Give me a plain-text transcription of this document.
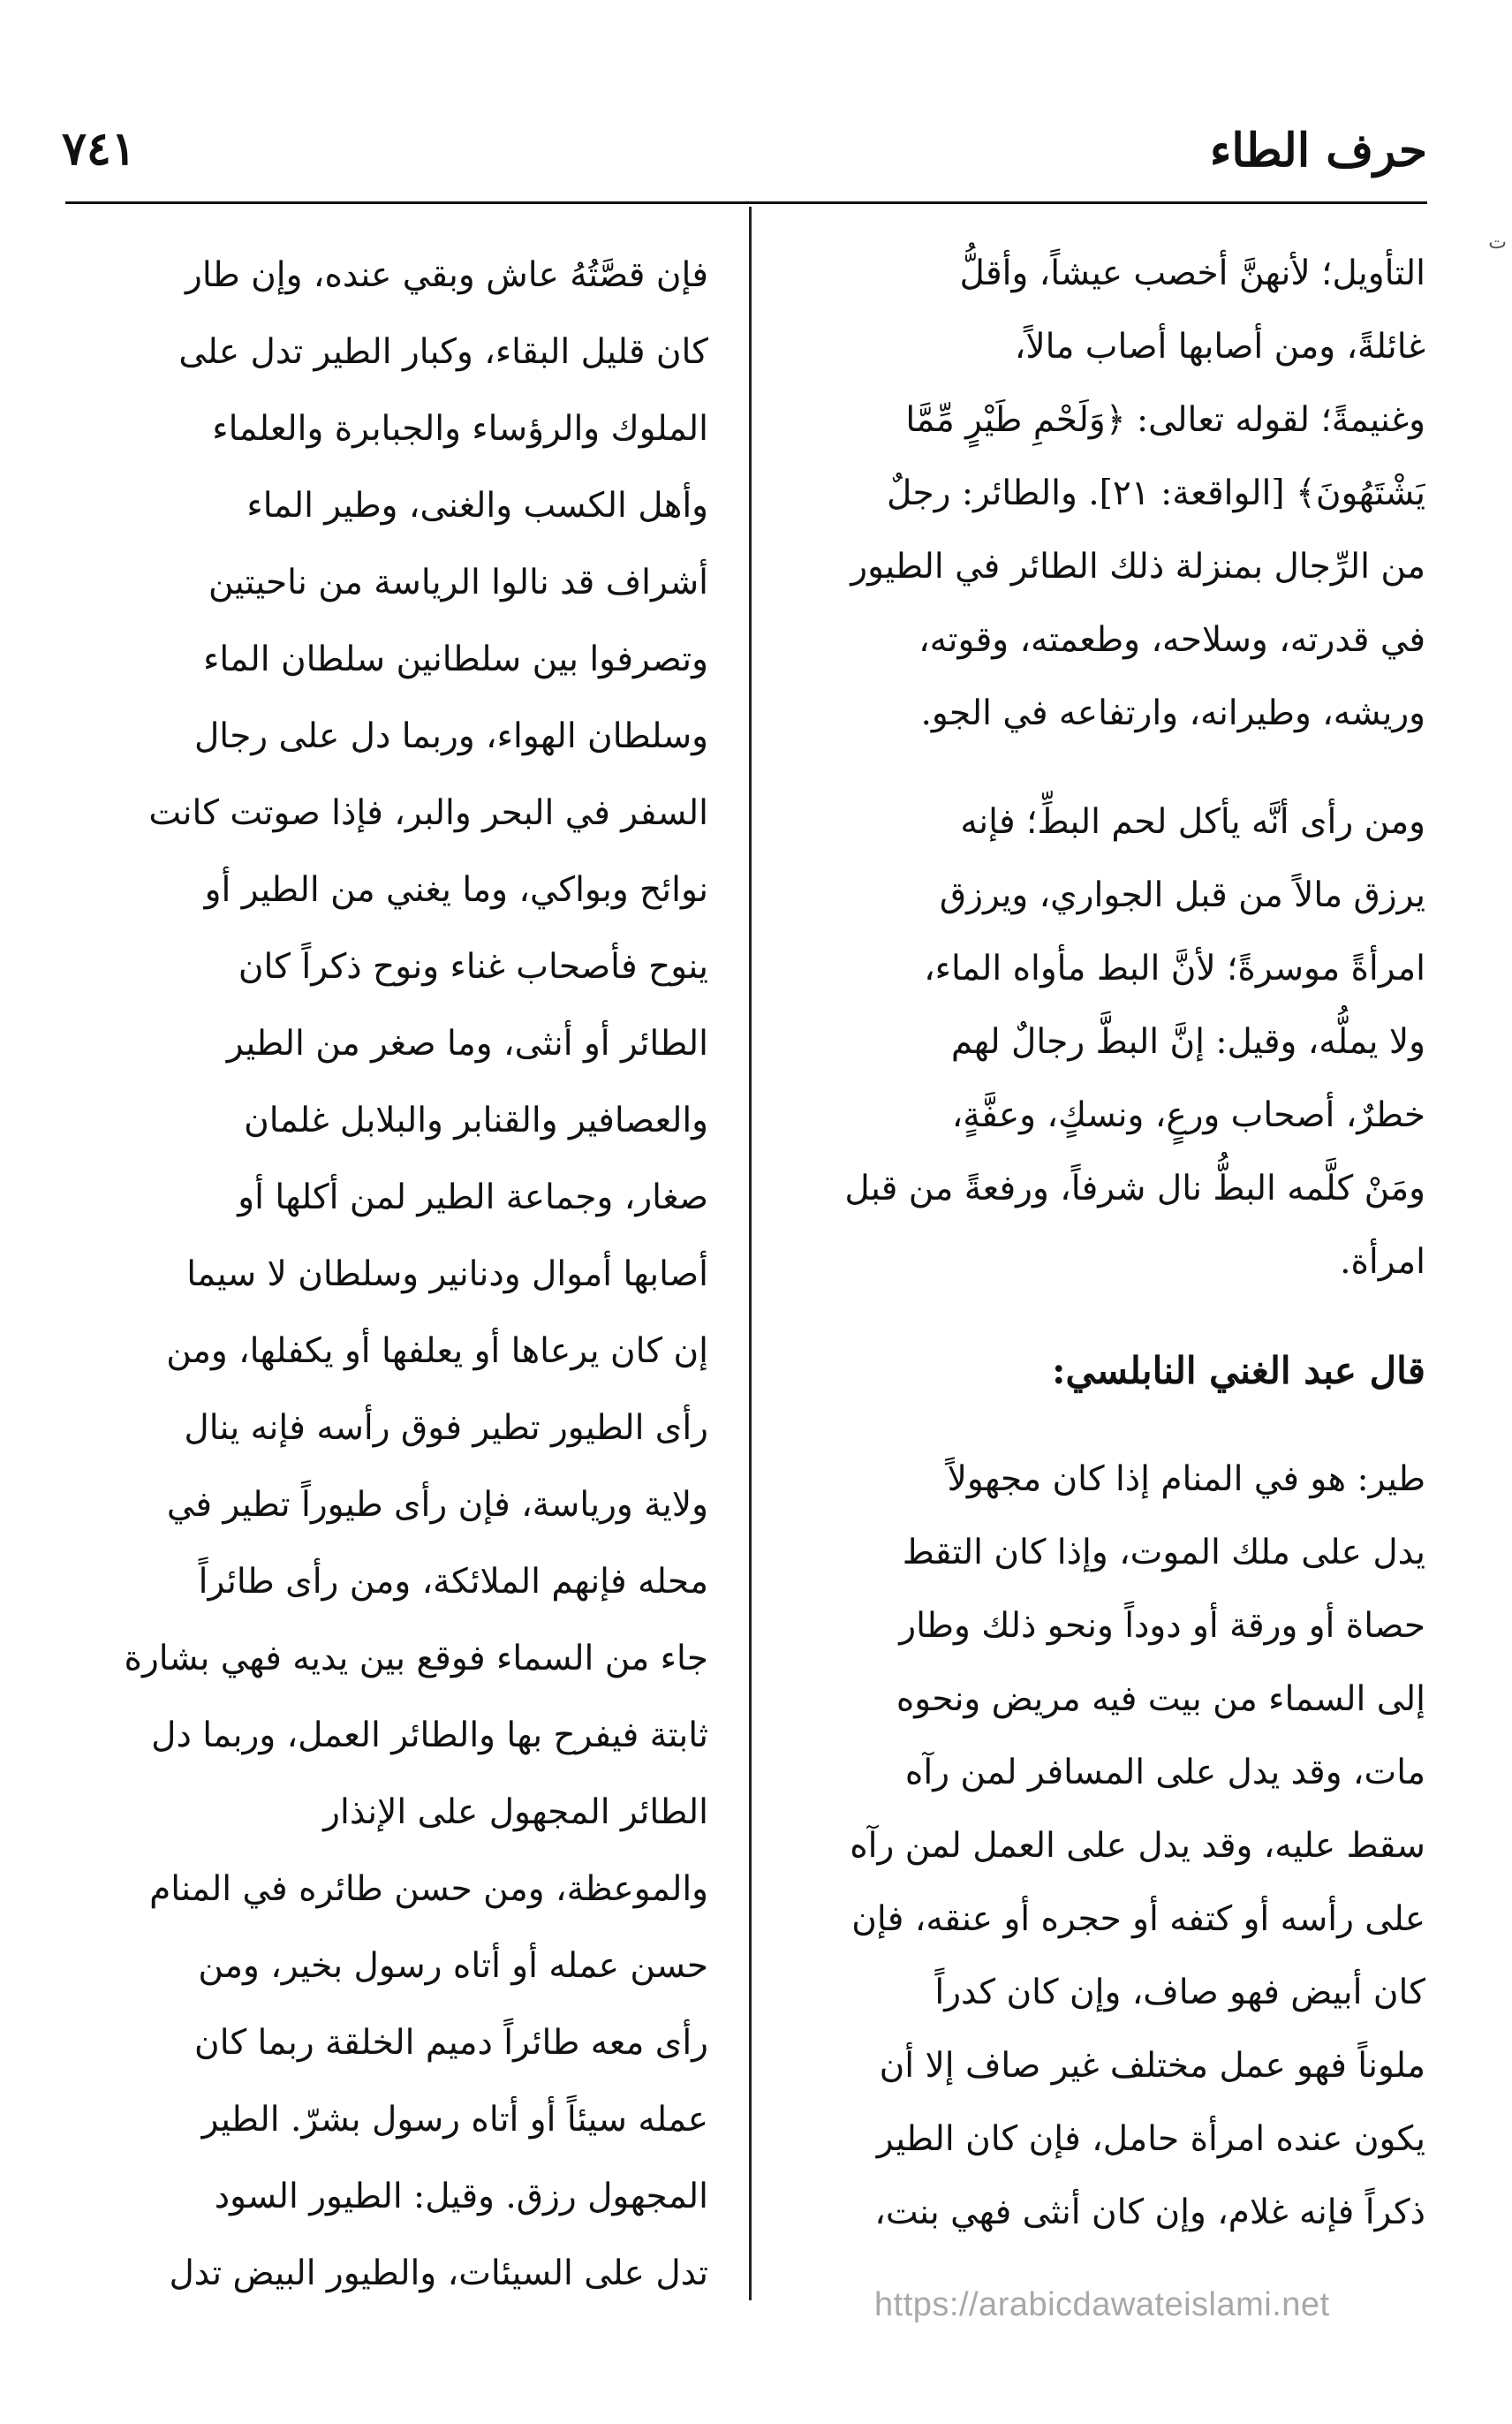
حرف الطاء
٧٤١
ت
التأويل؛ لأنهنَّ أخصب عيشاً، وأقلُّ
غائلةً، ومن أصابها أصاب مالاً،
وغنيمةً؛ لقوله تعالى: ﴿وَلَحْمِ طَيْرٍ مِّمَّا
يَشْتَهُونَ﴾ [الواقعة: ٢١]. والطائر: رجلٌ
من الرِّجال بمنزلة ذلك الطائر في الطيور
في قدرته، وسلاحه، وطعمته، وقوته،
وريشه، وطيرانه، وارتفاعه في الجو.
ومن رأى أنَّه يأكل لحم البطِّ؛ فإنه
يرزق مالاً من قبل الجواري، ويرزق
امرأةً موسرةً؛ لأنَّ البط مأواه الماء،
ولا يملُّه، وقيل: إنَّ البطَّ رجالٌ لهم
خطرٌ، أصحاب ورعٍ، ونسكٍ، وعفَّةٍ،
ومَنْ كلَّمه البطُّ نال شرفاً، ورفعةً من قبل
امرأة.
قال عبد الغني النابلسي:
طير: هو في المنام إذا كان مجهولاً
يدل على ملك الموت، وإذا كان التقط
حصاة أو ورقة أو دوداً ونحو ذلك وطار
إلى السماء من بيت فيه مريض ونحوه
مات، وقد يدل على المسافر لمن رآه
سقط عليه، وقد يدل على العمل لمن رآه
على رأسه أو كتفه أو حجره أو عنقه، فإن
كان أبيض فهو صاف، وإن كان كدراً
ملوناً فهو عمل مختلف غير صاف إلا أن
يكون عنده امرأة حامل، فإن كان الطير
ذكراً فإنه غلام، وإن كان أنثى فهي بنت،
فإن قصَّتُهُ عاش وبقي عنده، وإن طار
كان قليل البقاء، وكبار الطير تدل على
الملوك والرؤساء والجبابرة والعلماء
وأهل الكسب والغنى، وطير الماء
أشراف قد نالوا الرياسة من ناحيتين
وتصرفوا بين سلطانين سلطان الماء
وسلطان الهواء، وربما دل على رجال
السفر في البحر والبر، فإذا صوتت كانت
نوائح وبواكي، وما يغني من الطير أو
ينوح فأصحاب غناء ونوح ذكراً كان
الطائر أو أنثى، وما صغر من الطير
والعصافير والقنابر والبلابل غلمان
صغار، وجماعة الطير لمن أكلها أو
أصابها أموال ودنانير وسلطان لا سيما
إن كان يرعاها أو يعلفها أو يكفلها، ومن
رأى الطيور تطير فوق رأسه فإنه ينال
ولاية ورياسة، فإن رأى طيوراً تطير في
محله فإنهم الملائكة، ومن رأى طائراً
جاء من السماء فوقع بين يديه فهي بشارة
ثابتة فيفرح بها والطائر العمل، وربما دل
الطائر المجهول على الإنذار
والموعظة، ومن حسن طائره في المنام
حسن عمله أو أتاه رسول بخير، ومن
رأى معه طائراً دميم الخلقة ربما كان
عمله سيئاً أو أتاه رسول بشرّ. الطير
المجهول رزق. وقيل: الطيور السود
تدل على السيئات، والطيور البيض تدل
https://arabicdawateislami.net
